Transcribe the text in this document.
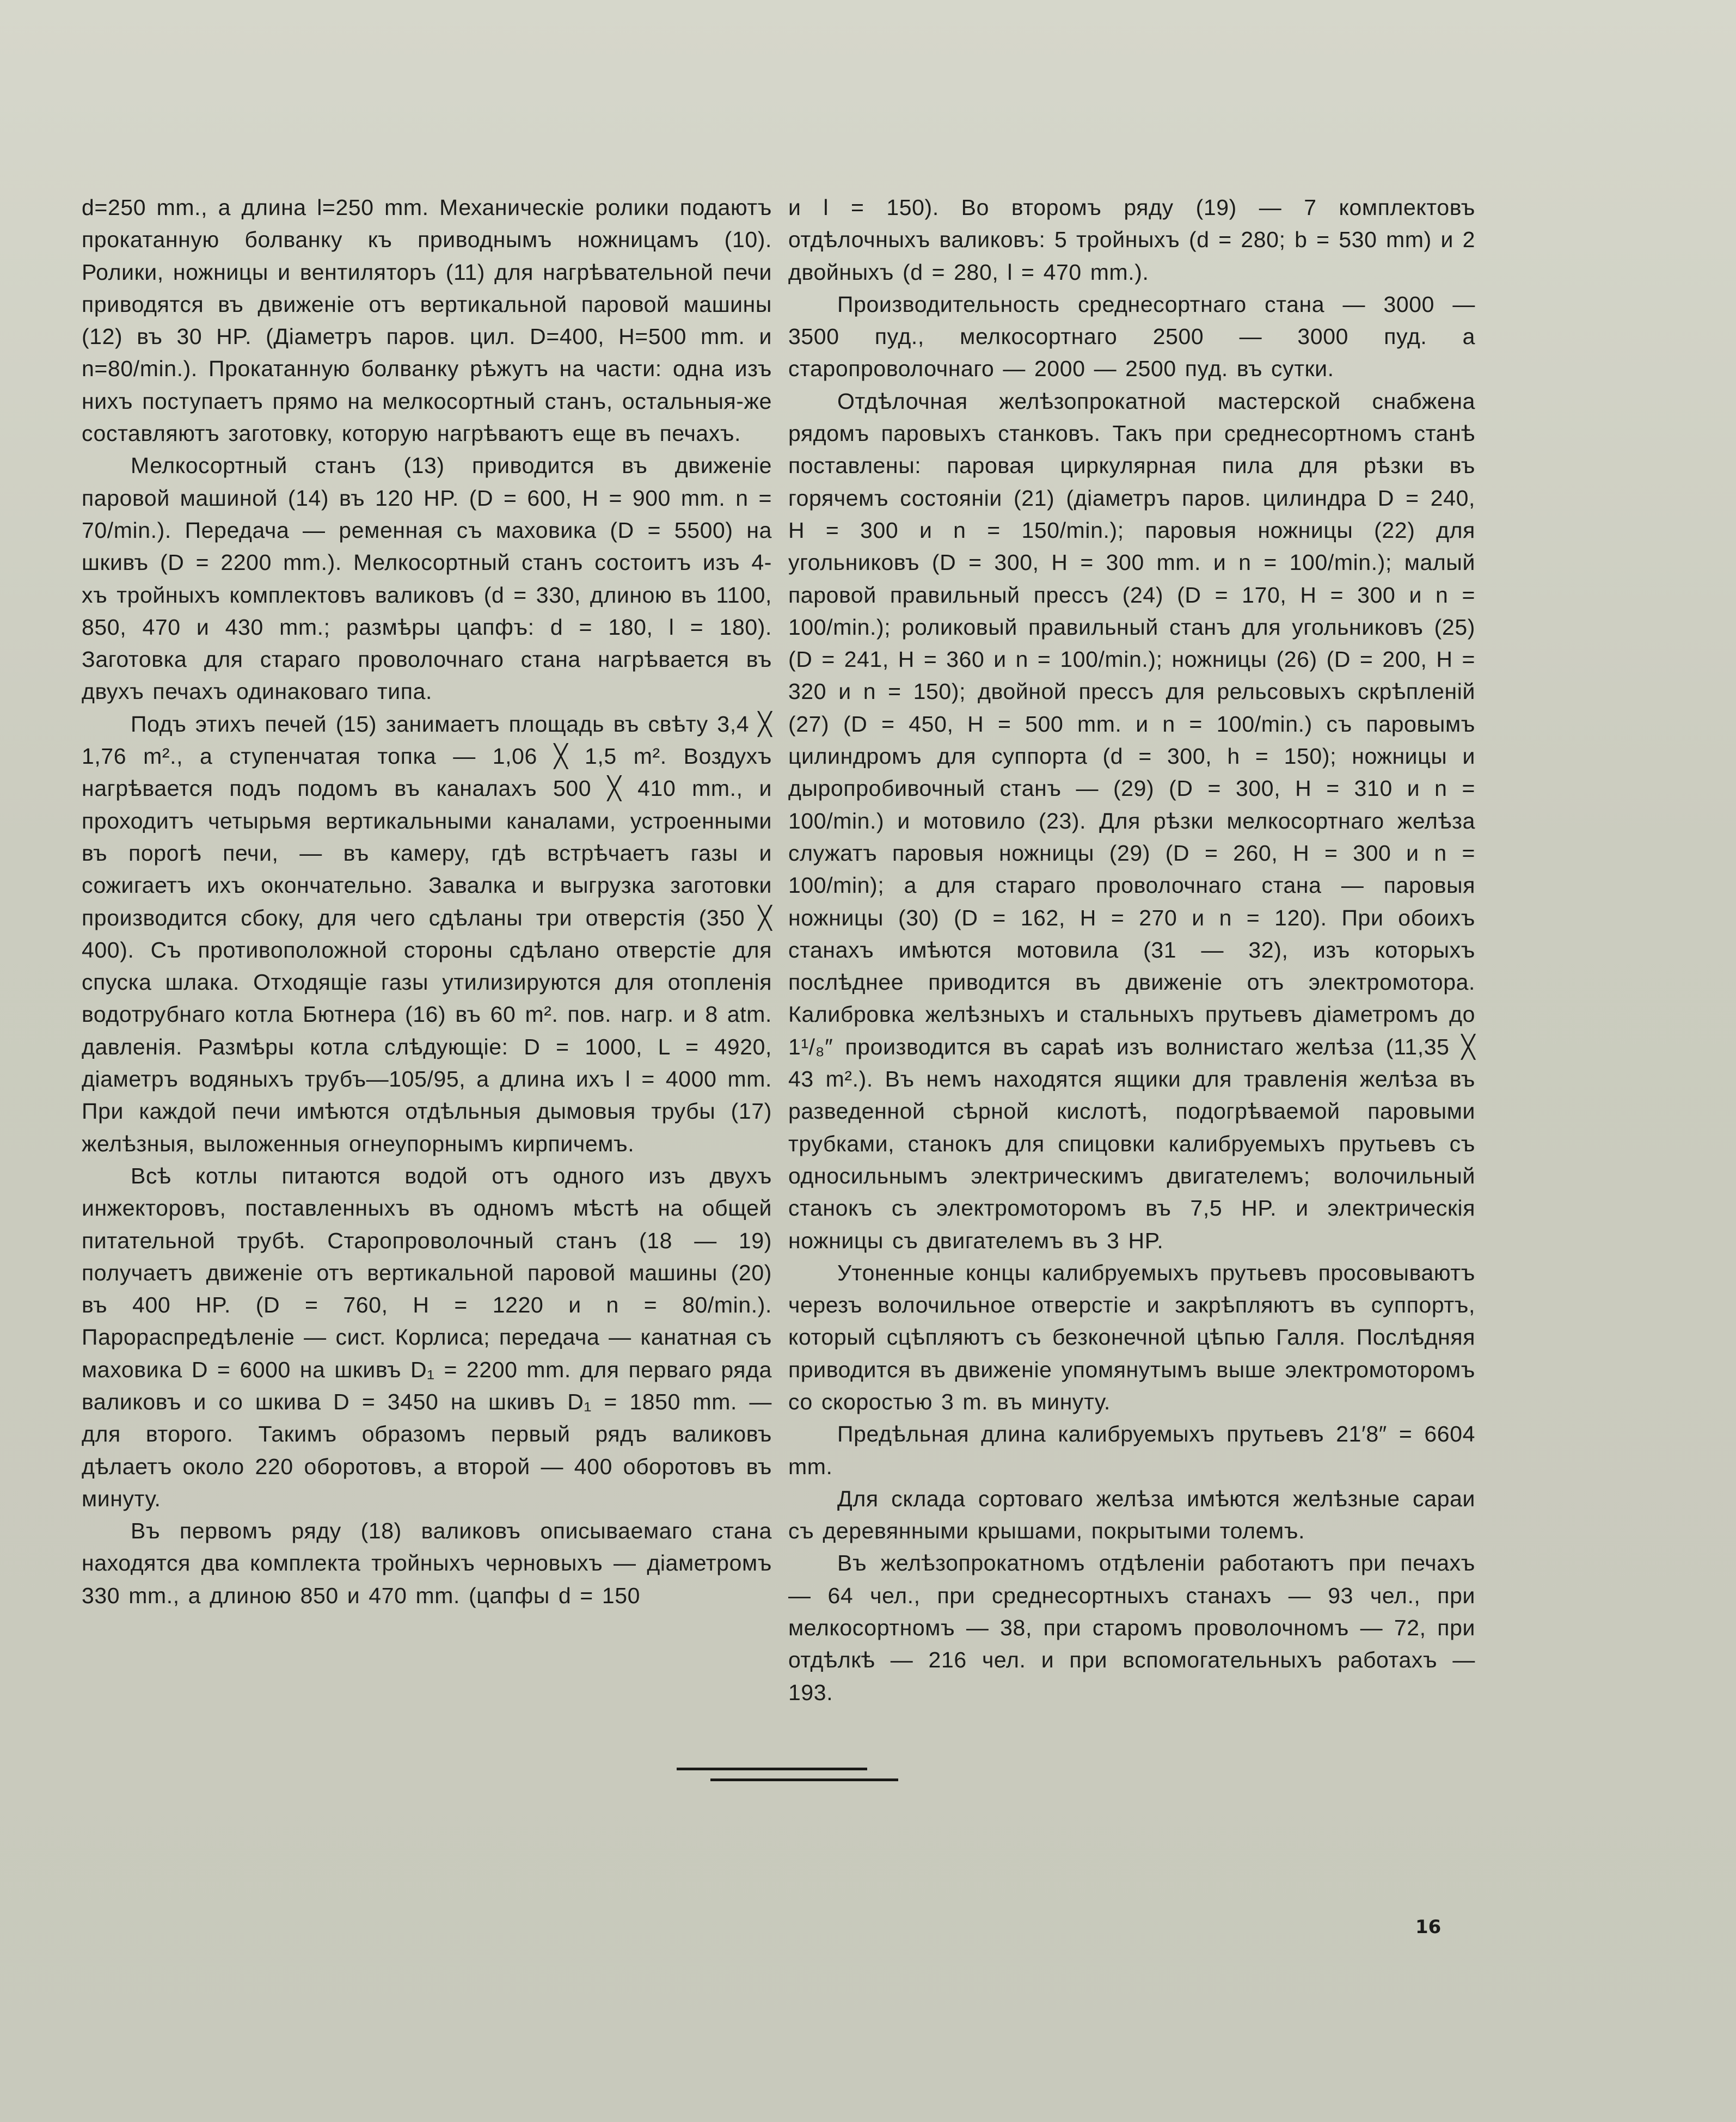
d=250 mm., а длина l=250 mm. Механическiе ролики подаютъ прокатанную болванку къ приводнымъ ножницамъ (10). Ролики, ножницы и вентиляторъ (11) для нагрѣвательной печи приводятся въ движенiе отъ вертикальной паровой машины (12) въ 30 HP. (Дiаметръ паров. цил. D=400, H=500 mm. и n=80/min.). Прокатанную болванку рѣжутъ на части: одна изъ нихъ поступаетъ прямо на мелкосортный станъ, остальныя-же составляютъ заготовку, которую нагрѣваютъ еще въ печахъ.

Мелкосортный станъ (13) приводится въ движенiе паровой машиной (14) въ 120 HP. (D = 600, H = 900 mm. n = 70/min.). Передача — ременная съ маховика (D = 5500) на шкивъ (D = 2200 mm.). Мелкосортный станъ состоитъ изъ 4-хъ тройныхъ комплектовъ валиковъ (d = 330, длиною въ 1100, 850, 470 и 430 mm.; размѣры цапфъ: d = 180, l = 180). Заготовка для стараго проволочнаго стана нагрѣвается въ двухъ печахъ одинаковаго типа.

Подъ этихъ печей (15) занимаетъ площадь въ свѣту 3,4 ╳ 1,76 m²., а ступенчатая топка — 1,06 ╳ 1,5 m². Воздухъ нагрѣвается подъ подомъ въ каналахъ 500 ╳ 410 mm., и проходитъ четырьмя вертикальными каналами, устроенными въ порогѣ печи, — въ камеру, гдѣ встрѣчаетъ газы и сожигаетъ ихъ окончательно. Завалка и выгрузка заготовки производится сбоку, для чего сдѣланы три отверстiя (350 ╳ 400). Съ противоположной стороны сдѣлано отверстiе для спуска шлака. Отходящiе газы утилизируются для отопленiя водотрубнаго котла Бютнера (16) въ 60 m². пов. нагр. и 8 atm. давленiя. Размѣры котла слѣдующiе: D = 1000, L = 4920, дiаметръ водяныхъ трубъ—105/95, а длина ихъ l = 4000 mm. При каждой печи имѣются отдѣльныя дымовыя трубы (17) желѣзныя, выложенныя огнеупорнымъ кирпичемъ.

Всѣ котлы питаются водой отъ одного изъ двухъ инжекторовъ, поставленныхъ въ одномъ мѣстѣ на общей питательной трубѣ. Старопроволочный станъ (18 — 19) получаетъ движенiе отъ вертикальной паровой машины (20) въ 400 HP. (D = 760, H = 1220 и n = 80/min.). Парораспредѣленiе — сист. Корлиса; передача — канатная съ маховика D = 6000 на шкивъ D₁ = 2200 mm. для перваго ряда валиковъ и со шкива D = 3450 на шкивъ D₁ = 1850 mm. — для второго. Такимъ образомъ первый рядъ валиковъ дѣлаетъ около 220 оборотовъ, а второй — 400 оборотовъ въ минуту.

Въ первомъ ряду (18) валиковъ описываемаго стана находятся два комплекта тройныхъ черновыхъ — дiаметромъ 330 mm., а длиною 850 и 470 mm. (цапфы d = 150

и l = 150). Во второмъ ряду (19) — 7 комплектовъ отдѣлочныхъ валиковъ: 5 тройныхъ (d = 280; b = 530 mm) и 2 двойныхъ (d = 280, l = 470 mm.).

Производительность среднесортнаго стана — 3000 — 3500 пуд., мелкосортнаго 2500 — 3000 пуд. а старопроволочнаго — 2000 — 2500 пуд. въ сутки.

Отдѣлочная желѣзопрокатной мастерской снабжена рядомъ паровыхъ станковъ. Такъ при среднесортномъ станѣ поставлены: паровая циркулярная пила для рѣзки въ горячемъ состоянiи (21) (дiаметръ паров. цилиндра D = 240, H = 300 и n = 150/min.); паровыя ножницы (22) для угольниковъ (D = 300, H = 300 mm. и n = 100/min.); малый паровой правильный прессъ (24) (D = 170, H = 300 и n = 100/min.); роликовый правильный станъ для угольниковъ (25) (D = 241, H = 360 и n = 100/min.); ножницы (26) (D = 200, H = 320 и n = 150); двойной прессъ для рельсовыхъ скрѣпленiй (27) (D = 450, H = 500 mm. и n = 100/min.) съ паровымъ цилиндромъ для суппорта (d = 300, h = 150); ножницы и дыропробивочный станъ — (29) (D = 300, H = 310 и n = 100/min.) и мотовило (23). Для рѣзки мелкосортнаго желѣза служатъ паровыя ножницы (29) (D = 260, H = 300 и n = 100/min); а для стараго проволочнаго стана — паровыя ножницы (30) (D = 162, H = 270 и n = 120). При обоихъ станахъ имѣются мотовила (31 — 32), изъ которыхъ послѣднее приводится въ движенiе отъ электромотора. Калибровка желѣзныхъ и стальныхъ прутьевъ дiаметромъ до 1¹/₈″ производится въ сараѣ изъ волнистаго желѣза (11,35 ╳ 43 m².). Въ немъ находятся ящики для травленiя желѣза въ разведенной сѣрной кислотѣ, подогрѣваемой паровыми трубками, станокъ для спицовки калибруемыхъ прутьевъ съ односильнымъ электрическимъ двигателемъ; волочильный станокъ съ электромоторомъ въ 7,5 HP. и электрическiя ножницы съ двигателемъ въ 3 HP.

Утоненные концы калибруемыхъ прутьевъ просовываютъ черезъ волочильное отверстiе и закрѣпляютъ въ суппортъ, который сцѣпляютъ съ безконечной цѣпью Галля. Послѣдняя приводится въ движенiе упомянутымъ выше электромоторомъ со скоростью 3 m. въ минуту.

Предѣльная длина калибруемыхъ прутьевъ 21′8″ = 6604 mm.

Для склада сортоваго желѣза имѣются желѣзные сараи съ деревянными крышами, покрытыми толемъ.

Въ желѣзопрокатномъ отдѣленiи работаютъ при печахъ — 64 чел., при среднесортныхъ станахъ — 93 чел., при мелкосортномъ — 38, при старомъ проволочномъ — 72, при отдѣлкѣ — 216 чел. и при вспомогательныхъ работахъ — 193.

16
